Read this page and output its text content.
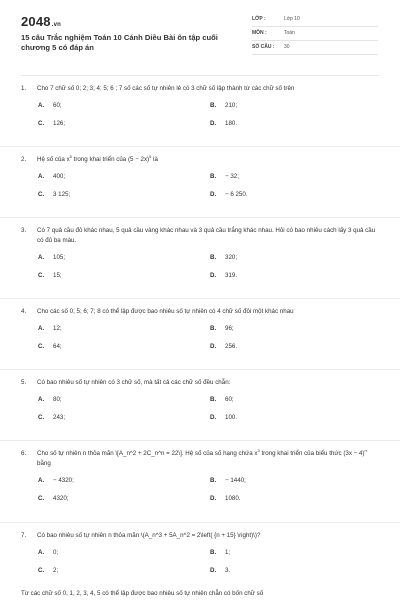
2048.vn
15 câu Trắc nghiệm Toán 10 Cánh Diều Bài ôn tập cuối chương 5 có đáp án
LỚP :	Lớp 10
MÔN :	Toán
SỐ CÂU :	30
1.	Cho 7 chữ số 0; 2; 3; 4; 5; 6 ; 7 số các số tự nhiên lẻ có 3 chữ số lập thành từ các chữ số trên
A.	60;	B.	210;
C.	126;	D.	180.
2.	Hệ số của $x^5$ trong khai triển của $(5 - 2x)^5$ là
A.	400;	B.	− 32;
C.	3 125;	D.	− 6 250.
3.	Có 7 quả cầu đỏ khác nhau, 5 quả cầu vàng khác nhau và 3 quả cầu trắng khác nhau. Hỏi có bao nhiêu cách lấy 3 quả cầu có đủ ba màu.
A.	105;	B.	320;
C.	15;	D.	319.
4.	Cho các số 0; 5; 6; 7; 8 có thể lập được bao nhiêu số tự nhiên có 4 chữ số đôi một khác nhau
A.	12;	B.	96;
C.	64;	D.	256.
5.	Có bao nhiêu số tự nhiên có 3 chữ số, mà tất cả các chữ số đều chẵn:
A.	80;	B.	60;
C.	243;	D.	100.
6.	Cho số tự nhiên n thỏa mãn \[A_n^2 + 2C_n^n = 22\]. Hệ số của số hạng chứa $x^3$ trong khai triển của biểu thức $(3x - 4)^n$ bằng
A.	− 4320;	B.	− 1440;
C.	4320;	D.	1080.
7.	Có bao nhiêu số tự nhiên n thỏa mãn \(A_n^3 + 5A_n^2 = 2\left( {n + 15} \right)\)?
A.	0;	B.	1;
C.	2;	D.	3.
Từ các chữ số 0, 1, 2, 3, 4, 5 có thể lập được bao nhiêu số tự nhiên chẵn có bốn chữ số
